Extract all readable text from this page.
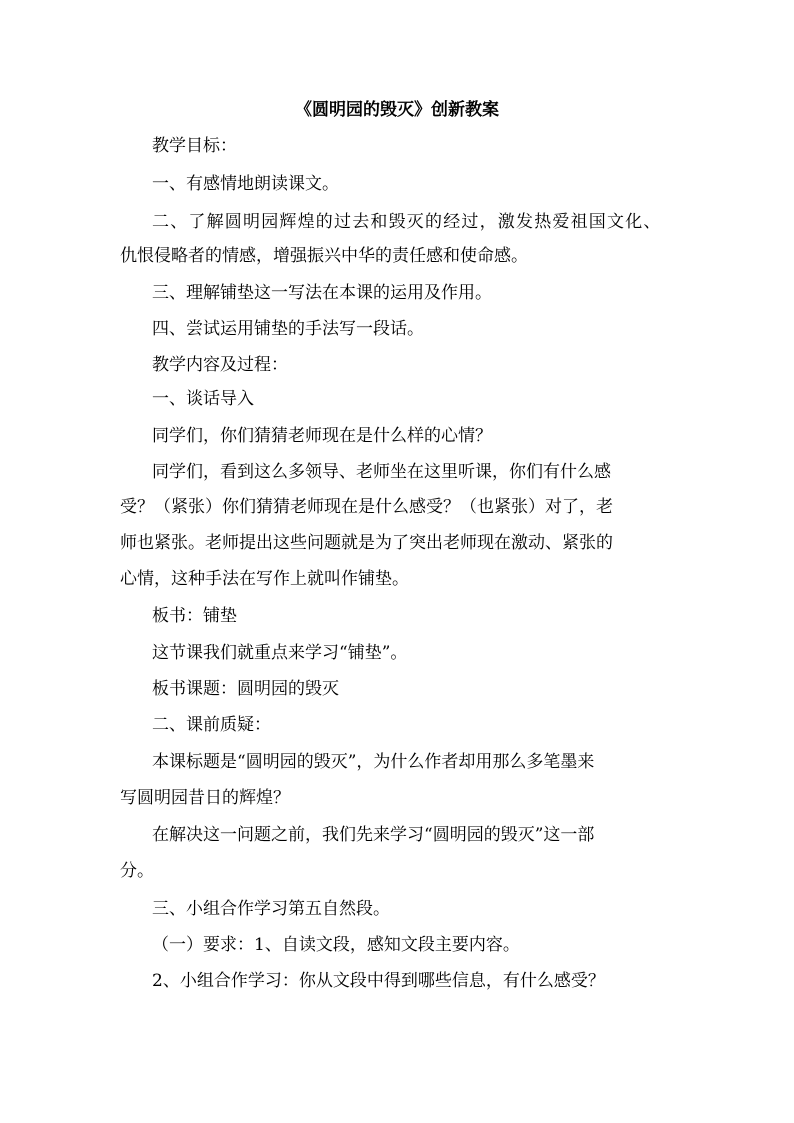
《圆明园的毁灭》创新教案
教学目标：
一、有感情地朗读课文。
二、了解圆明园辉煌的过去和毁灭的经过，激发热爱祖国文化、
仇恨侵略者的情感，增强振兴中华的责任感和使命感。
三、理解铺垫这一写法在本课的运用及作用。
四、尝试运用铺垫的手法写一段话。
教学内容及过程：
一、谈话导入
同学们，你们猜猜老师现在是什么样的心情？
同学们，看到这么多领导、老师坐在这里听课，你们有什么感
受？（紧张）你们猜猜老师现在是什么感受？（也紧张）对了，老
师也紧张。老师提出这些问题就是为了突出老师现在激动、紧张的
心情，这种手法在写作上就叫作铺垫。
板书：铺垫
这节课我们就重点来学习“铺垫”。
板书课题：圆明园的毁灭
二、课前质疑：
本课标题是“圆明园的毁灭”，为什么作者却用那么多笔墨来
写圆明园昔日的辉煌？
在解决这一问题之前，我们先来学习“圆明园的毁灭”这一部
分。
三、小组合作学习第五自然段。
（一）要求：1、自读文段，感知文段主要内容。
2、小组合作学习：你从文段中得到哪些信息，有什么感受？
